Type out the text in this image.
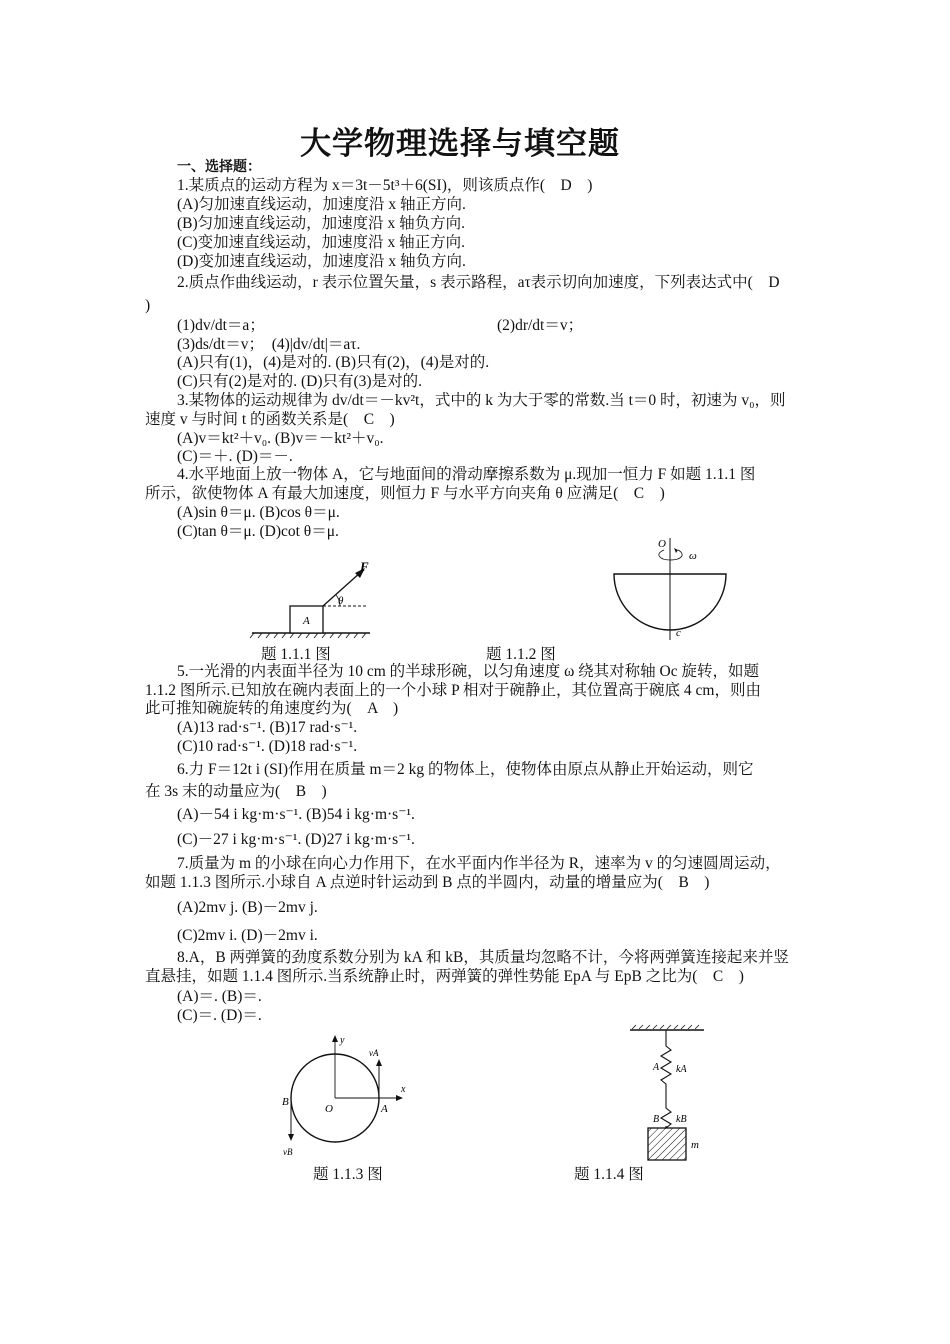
大学物理选择与填空题
一、选择题：
1.某质点的运动方程为 x＝3t－5t³＋6(SI)，则该质点作(　D　)
(A)匀加速直线运动，加速度沿 x 轴正方向.
(B)匀加速直线运动，加速度沿 x 轴负方向.
(C)变加速直线运动，加速度沿 x 轴正方向.
(D)变加速直线运动，加速度沿 x 轴负方向.
2.质点作曲线运动，r 表示位置矢量，s 表示路程，aτ表示切向加速度，下列表达式中(　D
)
(1)dv/dt＝a；	(2)dr/dt＝v；
(3)ds/dt＝v；　(4)|dv/dt|＝aτ.
(A)只有(1)，(4)是对的. (B)只有(2)，(4)是对的.
(C)只有(2)是对的. (D)只有(3)是对的.
3.某物体的运动规律为 dv/dt＝－kv²t，式中的 k 为大于零的常数.当 t＝0 时，初速为 v₀，则
速度 v 与时间 t 的函数关系是(　C　)
(A)v＝kt²＋v₀. (B)v＝－kt²＋v₀.
(C)＝＋. (D)＝－.
4.水平地面上放一物体 A，它与地面间的滑动摩擦系数为 μ.现加一恒力 F 如题 1.1.1 图
所示，欲使物体 A 有最大加速度，则恒力 F 与水平方向夹角 θ 应满足(　C　)
(A)sin θ＝μ. (B)cos θ＝μ.
(C)tan θ＝μ. (D)cot θ＝μ.
A
θ
F
题 1.1.1 图
O
ω
c
题 1.1.2 图
5.一光滑的内表面半径为 10 cm 的半球形碗，以匀角速度 ω 绕其对称轴 Oc 旋转，如题
1.1.2 图所示.已知放在碗内表面上的一个小球 P 相对于碗静止，其位置高于碗底 4 cm，则由
此可推知碗旋转的角速度约为(　A　)
(A)13 rad·s⁻¹. (B)17 rad·s⁻¹.
(C)10 rad·s⁻¹. (D)18 rad·s⁻¹.
6.力 F＝12t i (SI)作用在质量 m＝2 kg 的物体上，使物体由原点从静止开始运动，则它
在 3s 末的动量应为(　B　)
(A)－54 i kg·m·s⁻¹. (B)54 i kg·m·s⁻¹.
(C)－27 i kg·m·s⁻¹. (D)27 i kg·m·s⁻¹.
7.质量为 m 的小球在向心力作用下，在水平面内作半径为 R，速率为 v 的匀速圆周运动，
如题 1.1.3 图所示.小球自 A 点逆时针运动到 B 点的半圆内，动量的增量应为(　B　)
(A)2mv j. (B)－2mv j.
(C)2mv i. (D)－2mv i.
8.A，B 两弹簧的劲度系数分别为 kA 和 kB，其质量均忽略不计，今将两弹簧连接起来并竖
直悬挂，如题 1.1.4 图所示.当系统静止时，两弹簧的弹性势能 EpA 与 EpB 之比为(　C　)
(A)＝. (B)＝.
(C)＝. (D)＝.
y
x
vA
vB
A
B
O
题 1.1.3 图
A kA
B kB
m
题 1.1.4 图
